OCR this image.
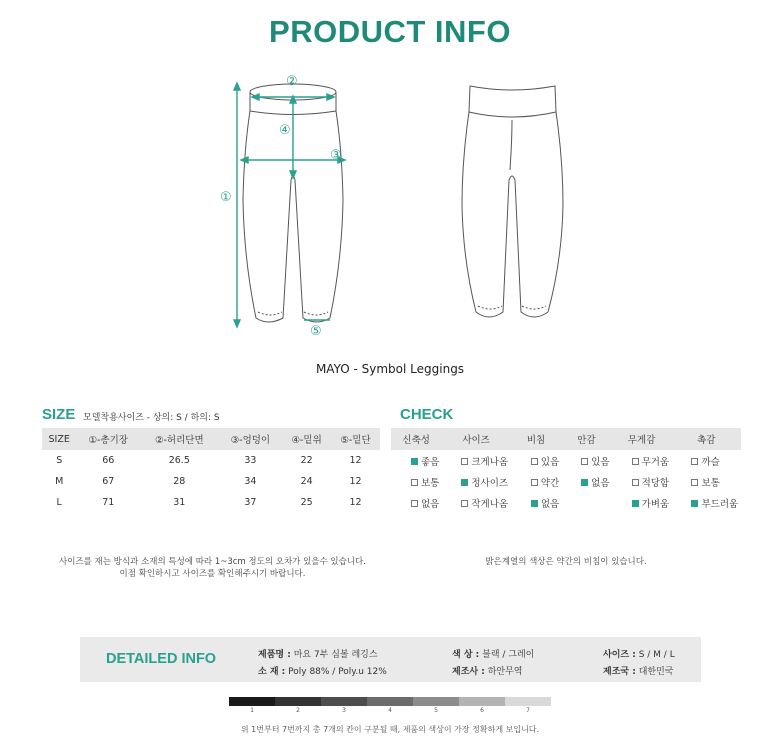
PRODUCT INFO
①
②
③
④
⑤
MAYO - Symbol Leggings
SIZE 모델착용사이즈 - 상의: S / 하의: S
SIZE	①-총기장	②-허리단면	③-엉덩이	④-밑위	⑤-밑단
S	66	26.5	33	22	12
M	67	28	34	24	12
L	71	31	37	25	12
CHECK
신축성	사이즈	비침	안감	무게감	촉감
좋음	크게나옴	있음	있음	무거움	까슬
보통	정사이즈	약간	없음	적당함	보통
없음	작게나옴	없음		가벼움	부드러움
사이즈를 재는 방식과 소재의 특성에 따라 1~3cm 정도의 오차가 있을수 있습니다.
이점 확인하시고 사이즈를 확인해주시기 바랍니다.
밝은계열의 색상은 약간의 비침이 있습니다.
DETAILED INFO	제품명 : 마요 7부 심볼 레깅스
소 재 : Poly 88% / Poly.u 12%
색 상 : 블랙 / 그레이
제조사 : 하안무역
사이즈 : S / M / L
제조국 : 대한민국
1	2	3	4	5	6	7
위 1번부터 7번까지 총 7개의 칸이 구분될 때, 제품의 색상이 가장 정확하게 보입니다.
